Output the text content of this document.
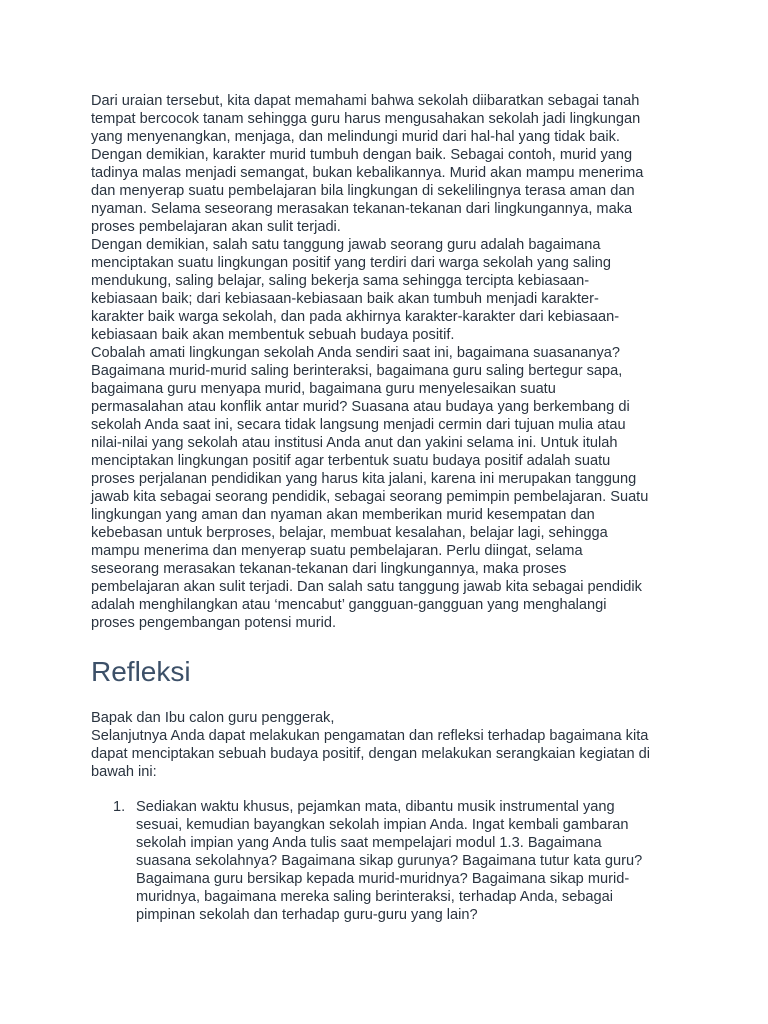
Dari uraian tersebut, kita dapat memahami bahwa sekolah diibaratkan sebagai tanah
tempat bercocok tanam sehingga guru harus mengusahakan sekolah jadi lingkungan
yang menyenangkan, menjaga, dan melindungi murid dari hal-hal yang tidak baik.
Dengan demikian, karakter murid tumbuh dengan baik. Sebagai contoh, murid yang
tadinya malas menjadi semangat, bukan kebalikannya. Murid akan mampu menerima
dan menyerap suatu pembelajaran bila lingkungan di sekelilingnya terasa aman dan
nyaman. Selama seseorang merasakan tekanan-tekanan dari lingkungannya, maka
proses pembelajaran akan sulit terjadi.

Dengan demikian, salah satu tanggung jawab seorang guru adalah bagaimana
menciptakan suatu lingkungan positif yang terdiri dari warga sekolah yang saling
mendukung, saling belajar, saling bekerja sama sehingga tercipta kebiasaan-
kebiasaan baik; dari kebiasaan-kebiasaan baik akan tumbuh menjadi karakter-
karakter baik warga sekolah, dan pada akhirnya karakter-karakter dari kebiasaan-
kebiasaan baik akan membentuk sebuah budaya positif.

Cobalah amati lingkungan sekolah Anda sendiri saat ini, bagaimana suasananya?
Bagaimana murid-murid saling berinteraksi, bagaimana guru saling bertegur sapa,
bagaimana guru menyapa murid, bagaimana guru menyelesaikan suatu
permasalahan atau konflik antar murid? Suasana atau budaya yang berkembang di
sekolah Anda saat ini, secara tidak langsung menjadi cermin dari tujuan mulia atau
nilai-nilai yang sekolah atau institusi Anda anut dan yakini selama ini. Untuk itulah
menciptakan lingkungan positif agar terbentuk suatu budaya positif adalah suatu
proses perjalanan pendidikan yang harus kita jalani, karena ini merupakan tanggung
jawab kita sebagai seorang pendidik, sebagai seorang pemimpin pembelajaran. Suatu
lingkungan yang aman dan nyaman akan memberikan murid kesempatan dan
kebebasan untuk berproses, belajar, membuat kesalahan, belajar lagi, sehingga
mampu menerima dan menyerap suatu pembelajaran. Perlu diingat, selama
seseorang merasakan tekanan-tekanan dari lingkungannya, maka proses
pembelajaran akan sulit terjadi. Dan salah satu tanggung jawab kita sebagai pendidik
adalah menghilangkan atau ‘mencabut’ gangguan-gangguan yang menghalangi
proses pengembangan potensi murid.

Refleksi

Bapak dan Ibu calon guru penggerak,
Selanjutnya Anda dapat melakukan pengamatan dan refleksi terhadap bagaimana kita
dapat menciptakan sebuah budaya positif, dengan melakukan serangkaian kegiatan di
bawah ini:

1. Sediakan waktu khusus, pejamkan mata, dibantu musik instrumental yang
sesuai, kemudian bayangkan sekolah impian Anda. Ingat kembali gambaran
sekolah impian yang Anda tulis saat mempelajari modul 1.3. Bagaimana
suasana sekolahnya? Bagaimana sikap gurunya? Bagaimana tutur kata guru?
Bagaimana guru bersikap kepada murid-muridnya? Bagaimana sikap murid-
muridnya, bagaimana mereka saling berinteraksi, terhadap Anda, sebagai
pimpinan sekolah dan terhadap guru-guru yang lain?
